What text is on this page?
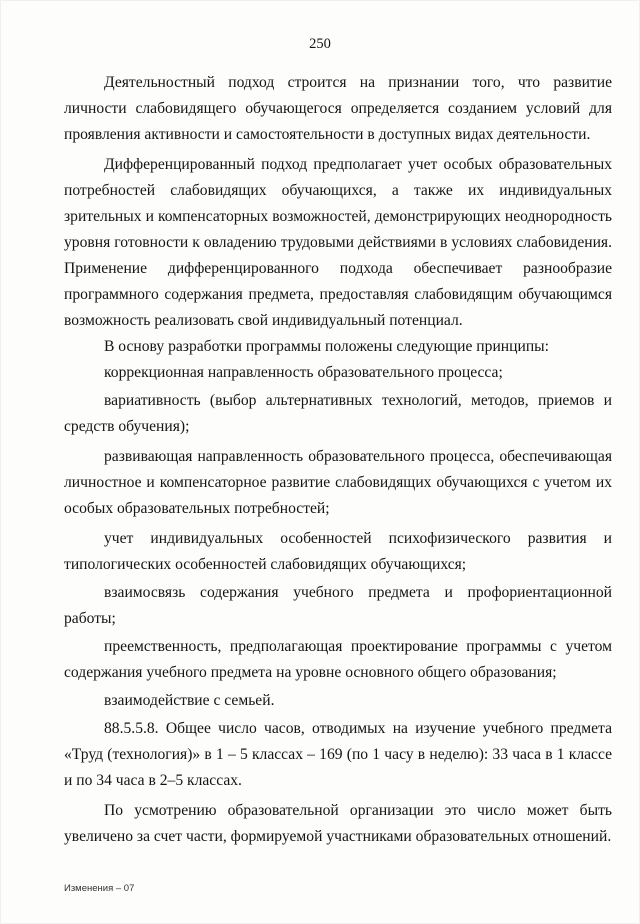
250

Деятельностный подход строится на признании того, что развитие личности слабовидящего обучающегося определяется созданием условий для проявления активности и самостоятельности в доступных видах деятельности.

Дифференцированный подход предполагает учет особых образовательных потребностей слабовидящих обучающихся, а также их индивидуальных зрительных и компенсаторных возможностей, демонстрирующих неоднородность уровня готовности к овладению трудовыми действиями в условиях слабовидения. Применение дифференцированного подхода обеспечивает разнообразие программного содержания предмета, предоставляя слабовидящим обучающимся возможность реализовать свой индивидуальный потенциал.

В основу разработки программы положены следующие принципы:

коррекционная направленность образовательного процесса;

вариативность (выбор альтернативных технологий, методов, приемов и средств обучения);

развивающая направленность образовательного процесса, обеспечивающая личностное и компенсаторное развитие слабовидящих обучающихся с учетом их особых образовательных потребностей;

учет индивидуальных особенностей психофизического развития и типологических особенностей слабовидящих обучающихся;

взаимосвязь содержания учебного предмета и профориентационной работы;

преемственность, предполагающая проектирование программы с учетом содержания учебного предмета на уровне основного общего образования;

взаимодействие с семьей.

88.5.5.8. Общее число часов, отводимых на изучение учебного предмета «Труд (технология)» в 1 – 5 классах – 169 (по 1 часу в неделю): 33 часа в 1 классе и по 34 часа в 2–5 классах.

По усмотрению образовательной организации это число может быть увеличено за счет части, формируемой участниками образовательных отношений.

Изменения – 07
